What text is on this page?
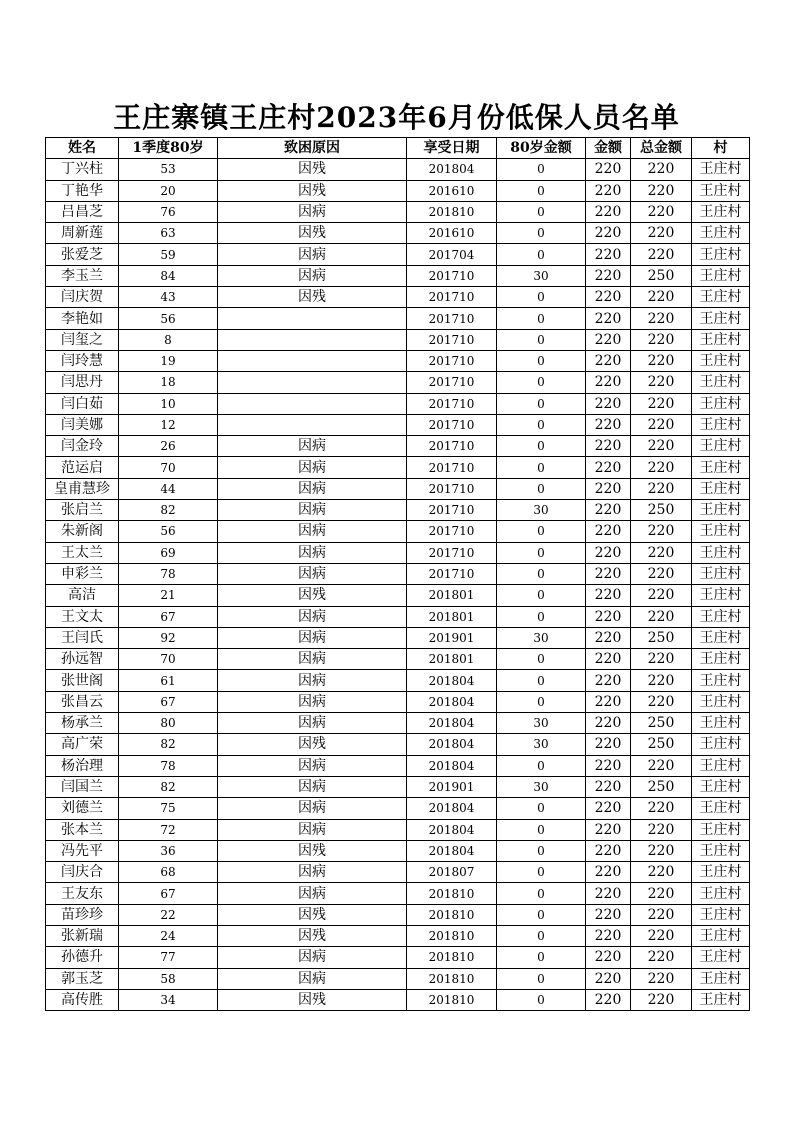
王庄寨镇王庄村2023年6月份低保人员名单
姓名	1季度80岁	致困原因	享受日期	80岁金额	金额	总金额	村
丁兴柱	53	因残	201804	0	220	220	王庄村
丁艳华	20	因残	201610	0	220	220	王庄村
吕昌芝	76	因病	201810	0	220	220	王庄村
周新莲	63	因残	201610	0	220	220	王庄村
张爱芝	59	因病	201704	0	220	220	王庄村
李玉兰	84	因病	201710	30	220	250	王庄村
闫庆贺	43	因残	201710	0	220	220	王庄村
李艳如	56		201710	0	220	220	王庄村
闫玺之	8		201710	0	220	220	王庄村
闫玲慧	19		201710	0	220	220	王庄村
闫思丹	18		201710	0	220	220	王庄村
闫白茹	10		201710	0	220	220	王庄村
闫美娜	12		201710	0	220	220	王庄村
闫金玲	26	因病	201710	0	220	220	王庄村
范运启	70	因病	201710	0	220	220	王庄村
皇甫慧珍	44	因病	201710	0	220	220	王庄村
张启兰	82	因病	201710	30	220	250	王庄村
朱新阁	56	因病	201710	0	220	220	王庄村
王太兰	69	因病	201710	0	220	220	王庄村
申彩兰	78	因病	201710	0	220	220	王庄村
高洁	21	因残	201801	0	220	220	王庄村
王文太	67	因病	201801	0	220	220	王庄村
王闫氏	92	因病	201901	30	220	250	王庄村
孙远智	70	因病	201801	0	220	220	王庄村
张世阁	61	因病	201804	0	220	220	王庄村
张昌云	67	因病	201804	0	220	220	王庄村
杨承兰	80	因病	201804	30	220	250	王庄村
高广荣	82	因残	201804	30	220	250	王庄村
杨治理	78	因病	201804	0	220	220	王庄村
闫国兰	82	因病	201901	30	220	250	王庄村
刘德兰	75	因病	201804	0	220	220	王庄村
张本兰	72	因病	201804	0	220	220	王庄村
冯先平	36	因残	201804	0	220	220	王庄村
闫庆合	68	因病	201807	0	220	220	王庄村
王友东	67	因病	201810	0	220	220	王庄村
苗珍珍	22	因残	201810	0	220	220	王庄村
张新瑞	24	因残	201810	0	220	220	王庄村
孙德升	77	因病	201810	0	220	220	王庄村
郭玉芝	58	因病	201810	0	220	220	王庄村
高传胜	34	因残	201810	0	220	220	王庄村
